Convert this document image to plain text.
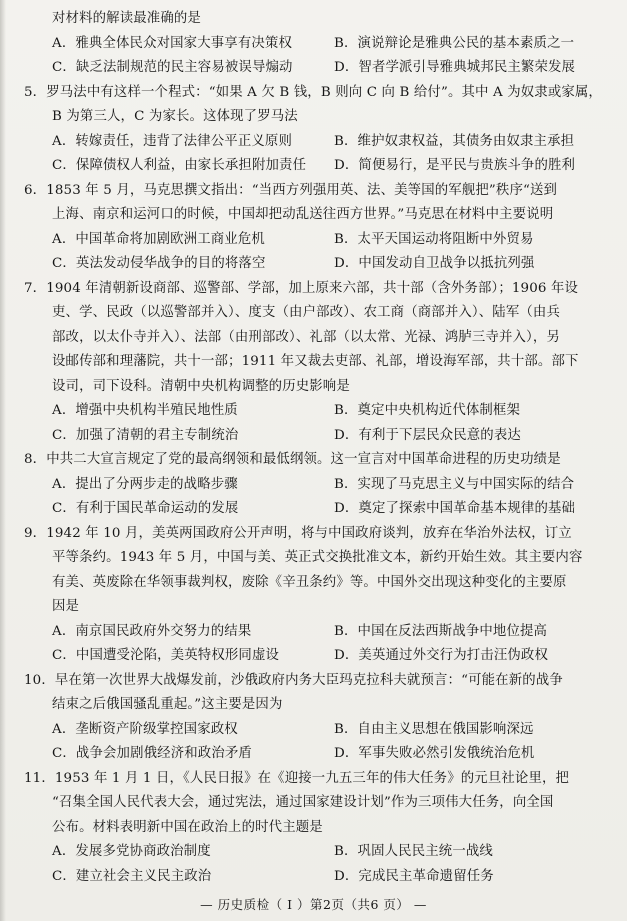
对材料的解读最准确的是
A．雅典全体民众对国家大事享有决策权	B．演说辩论是雅典公民的基本素质之一
C．缺乏法制规范的民主容易被误导煽动	D．智者学派引导雅典城邦民主繁荣发展
5．罗马法中有这样一个程式：“如果 A 欠 B 钱，B 则向 C 向 B 给付”。其中 A 为奴隶或家属，
B 为第三人，C 为家长。这体现了罗马法
A．转嫁责任，违背了法律公平正义原则	B．维护奴隶权益，其债务由奴隶主承担
C．保障债权人利益，由家长承担附加责任	D．简便易行，是平民与贵族斗争的胜利
6．1853 年 5 月，马克思撰文指出：“当西方列强用英、法、美等国的军舰把”秩序“送到
上海、南京和运河口的时候，中国却把动乱送往西方世界。”马克思在材料中主要说明
A．中国革命将加剧欧洲工商业危机	B．太平天国运动将阻断中外贸易
C．英法发动侵华战争的目的将落空	D．中国发动自卫战争以抵抗列强
7．1904 年清朝新设商部、巡警部、学部，加上原来六部，共十部（含外务部）；1906 年设
吏、学、民政（以巡警部并入）、度支（由户部改）、农工商（商部并入）、陆军（由兵
部改，以太仆寺并入）、法部（由刑部改）、礼部（以太常、光禄、鸿胪三寺并入），另
设邮传部和理藩院，共十一部；1911 年又裁去吏部、礼部，增设海军部，共十部。部下
设司，司下设科。清朝中央机构调整的历史影响是
A．增强中央机构半殖民地性质	B．奠定中央机构近代体制框架
C．加强了清朝的君主专制统治	D．有利于下层民众民意的表达
8．中共二大宣言规定了党的最高纲领和最低纲领。这一宣言对中国革命进程的历史功绩是
A．提出了分两步走的战略步骤	B．实现了马克思主义与中国实际的结合
C．有利于国民革命运动的发展	D．奠定了探索中国革命基本规律的基础
9．1942 年 10 月，美英两国政府公开声明，将与中国政府谈判，放弃在华治外法权，订立
平等条约。1943 年 5 月，中国与美、英正式交换批准文本，新约开始生效。其主要内容
有美、英废除在华领事裁判权，废除《辛丑条约》等。中国外交出现这种变化的主要原
因是
A．南京国民政府外交努力的结果	B．中国在反法西斯战争中地位提高
C．中国遭受沦陷，美英特权形同虚设	D．美英通过外交行为打击汪伪政权
10．早在第一次世界大战爆发前，沙俄政府内务大臣玛克拉科夫就预言：“可能在新的战争
结束之后俄国骚乱重起。”这主要是因为
A．垄断资产阶级掌控国家政权	B．自由主义思想在俄国影响深远
C．战争会加剧俄经济和政治矛盾	D．军事失败必然引发俄统治危机
11．1953 年 1 月 1 日，《人民日报》在《迎接一九五三年的伟大任务》的元旦社论里，把
“召集全国人民代表大会，通过宪法，通过国家建设计划”作为三项伟大任务，向全国
公布。材料表明新中国在政治上的时代主题是
A．发展多党协商政治制度	B．巩固人民民主统一战线
C．建立社会主义民主政治	D．完成民主革命遗留任务
— 历史质检（ I ）第2页（共6 页） —
